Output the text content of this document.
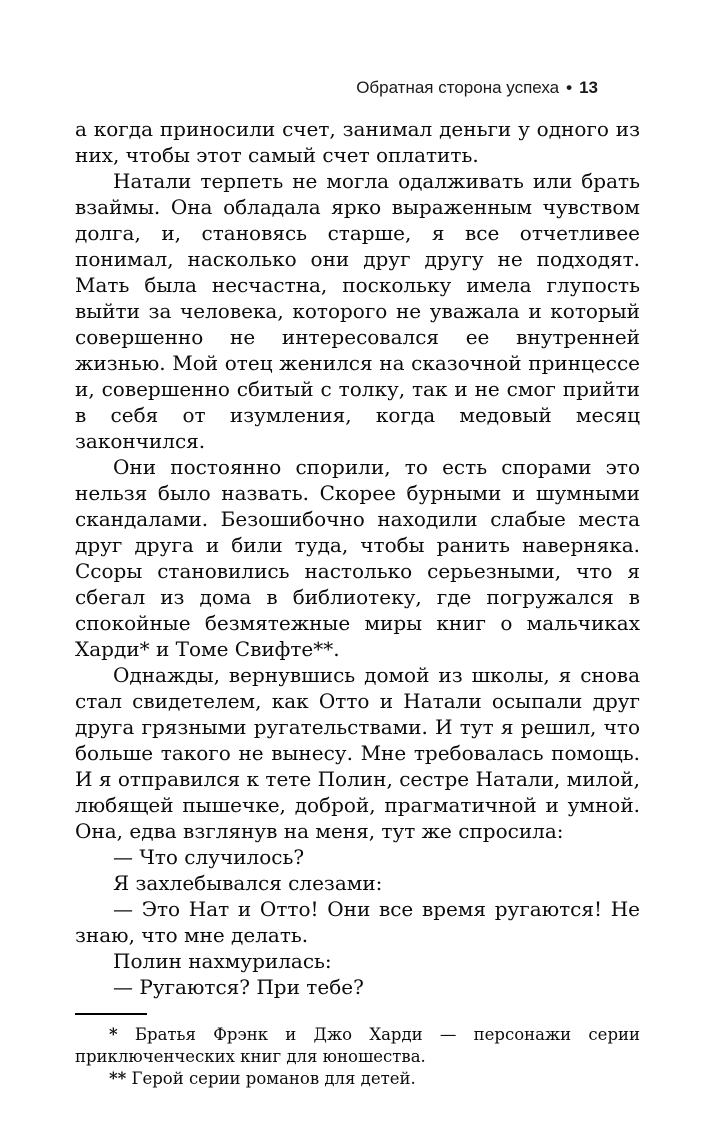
Обратная сторона успеха • 13

а когда приносили счет, занимал деньги у одного из них, чтобы этот самый счет оплатить.

Натали терпеть не могла одалживать или брать взаймы. Она обладала ярко выраженным чувством долга, и, становясь старше, я все отчетливее понимал, насколько они друг другу не подходят. Мать была несчастна, поскольку имела глупость выйти за человека, которого не уважала и который совершенно не интересовался ее внутренней жизнью. Мой отец женился на сказочной принцессе и, совершенно сбитый с толку, так и не смог прийти в себя от изумления, когда медовый месяц закончился.

Они постоянно спорили, то есть спорами это нельзя было назвать. Скорее бурными и шумными скандалами. Безошибочно находили слабые места друг друга и били туда, чтобы ранить наверняка. Ссоры становились настолько серьезными, что я сбегал из дома в библиотеку, где погружался в спокойные безмятежные миры книг о мальчиках Харди* и Томе Свифте**.

Однажды, вернувшись домой из школы, я снова стал свидетелем, как Отто и Натали осыпали друг друга грязными ругательствами. И тут я решил, что больше такого не вынесу. Мне требовалась помощь. И я отправился к тете Полин, сестре Натали, милой, любящей пышечке, доброй, прагматичной и умной. Она, едва взглянув на меня, тут же спросила:

— Что случилось?

Я захлебывался слезами:

— Это Нат и Отто! Они все время ругаются! Не знаю, что мне делать.

Полин нахмурилась:

— Ругаются? При тебе?

* Братья Фрэнк и Джо Харди — персонажи серии приключенческих книг для юношества.

** Герой серии романов для детей.
